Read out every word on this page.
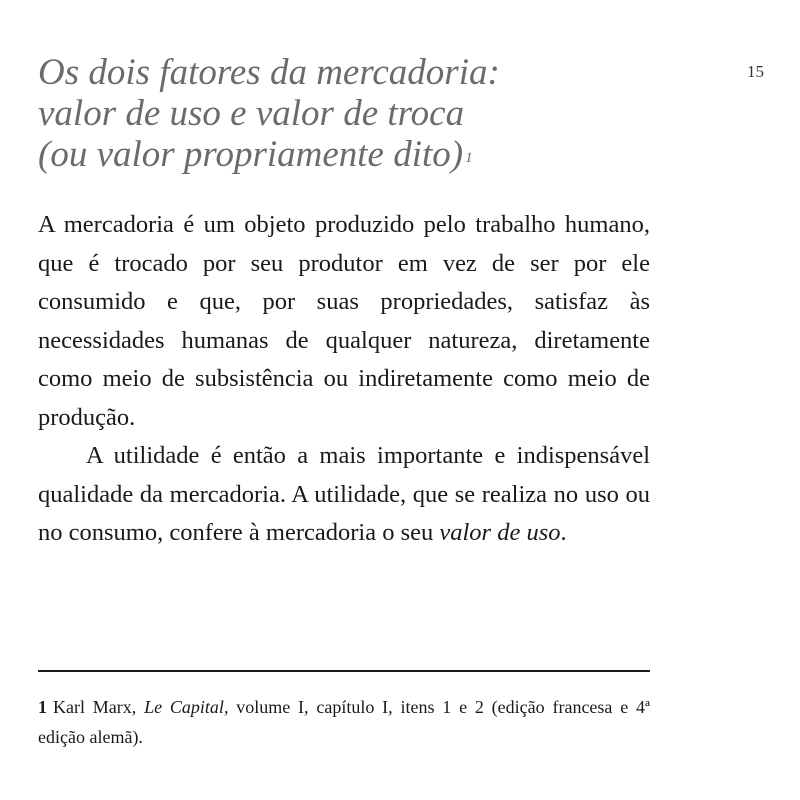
15
Os dois fatores da mercadoria:
valor de uso e valor de troca
(ou valor propriamente dito) $^1$

A mercadoria é um objeto produzido pelo trabalho humano, que é trocado por seu produtor em vez de ser por ele consumido e que, por suas propriedades, satisfaz às necessidades humanas de qualquer natureza, diretamente como meio de subsistência ou indiretamente como meio de produção.

A utilidade é então a mais importante e indispensável qualidade da mercadoria. A utilidade, que se realiza no uso ou no consumo, confere à mercadoria o seu valor de uso.

1 Karl Marx, Le Capital, volume I, capítulo I, itens 1 e 2 (edição francesa e 4ª edição alemã).
